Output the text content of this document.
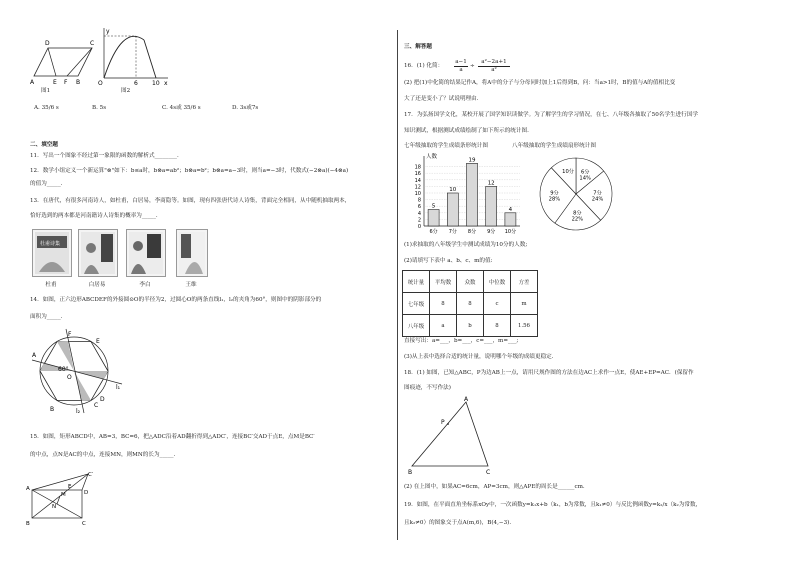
D	C
A	E F B
图1
y
O	x
6 10
图2
A. 35/6 s	B. 5s	C. 4s或 35/6 s	D. 3s或7s
二、填空题
11．写出一个图象不经过第一象限的函数的解析式________.
12．数学小组定义一个新运算"⊗"如下：b≤a时，b⊗a=ab²；b⊗a=b²；b⊗a=a−3时，则当a=−3时，代数式(−2⊗a)(−4⊗a)
的值为_____.
13．在唐代，有很多河南诗人，如杜甫，白居易，李商隐等。如图，现有四张唐代诗人诗集，背面完全相同，从中随机抽取两本，
恰好选到的两本都是河南籍诗人诗集的概率为_____.
杜甫诗集
杜甫	白居易	李白	王维
14．如图，正六边形ABCDEF的外接圆⊙O的半径为2，过圆心O的两条直线l₁，l₂的夹角为60°，则图中的阴影部分的
面积为_____.
60°
O
A
B
C
D
E
F
l₁
l₂
15．如图，矩形ABCD中，AB=3，BC=6，把△ADC沿着AD翻折得到△ADC′，连接BC′交AD于点E，点M是BC′
的中点，点N是AC的中点，连接MN，则MN的长为_____.
A
D
B	C
C′
M
N
E
三、解答题
16．(1) 化简：
a−1
a
÷
a²−2a+1
a²
(2) 把(1)中化简的结果记作A，将A中的分子与分母同时加上1后得到B，问：当a>1时，B的值与A的值相比变
大了还是变小了？试说明理由.
17．为弘扬国学文化，某校开展了国学知识读做学。为了解学生的学习情况，在七、八年级各抽取了50名学生进行国学
知识测试，根据测试成绩绘制了如下所示的统计图.
七年级抽取的学生成绩条形统计图	八年级抽取的学生成绩扇形统计图
人数
0
2
4
6
8
10
12
14
16
18
5
6分
10
7分
19
8分
12
9分
4
10分
6分
14%
7分
24%
8分
22%
9分
28%
10分
(1)求抽取的八年级学生中测试成绩为10分的人数;
(2)请填写下表中 a、b、c、m的值:
统计量	平均数	众数	中位数	方差
七年级	8	8	c	m
八年级	a	b	8	1.56
直接写出：a=___，b=___，c=___，m=___;
(3)从上表中选择合适的统计量，说明哪个年级的成绩更稳定.
18．(1) 如图，已知△ABC，P为边AB上一点，请用尺规作图的方法在边AC上求作一点E，使AE+EP=AC．(保留作
图痕迹，不写作法)
A
B	C
P
(2) 在上图中，如果AC=6cm，AP=3cm，则△APE的周长是______cm.
19．如图，在平面直角坐标系xOy中，一次函数y=k₁x+b（k₁，b为常数，且k₁≠0）与反比例函数y=k₂/x（k₂为常数，
且k₂≠0）的图象交于点A(m,6)，B(4,−3).
